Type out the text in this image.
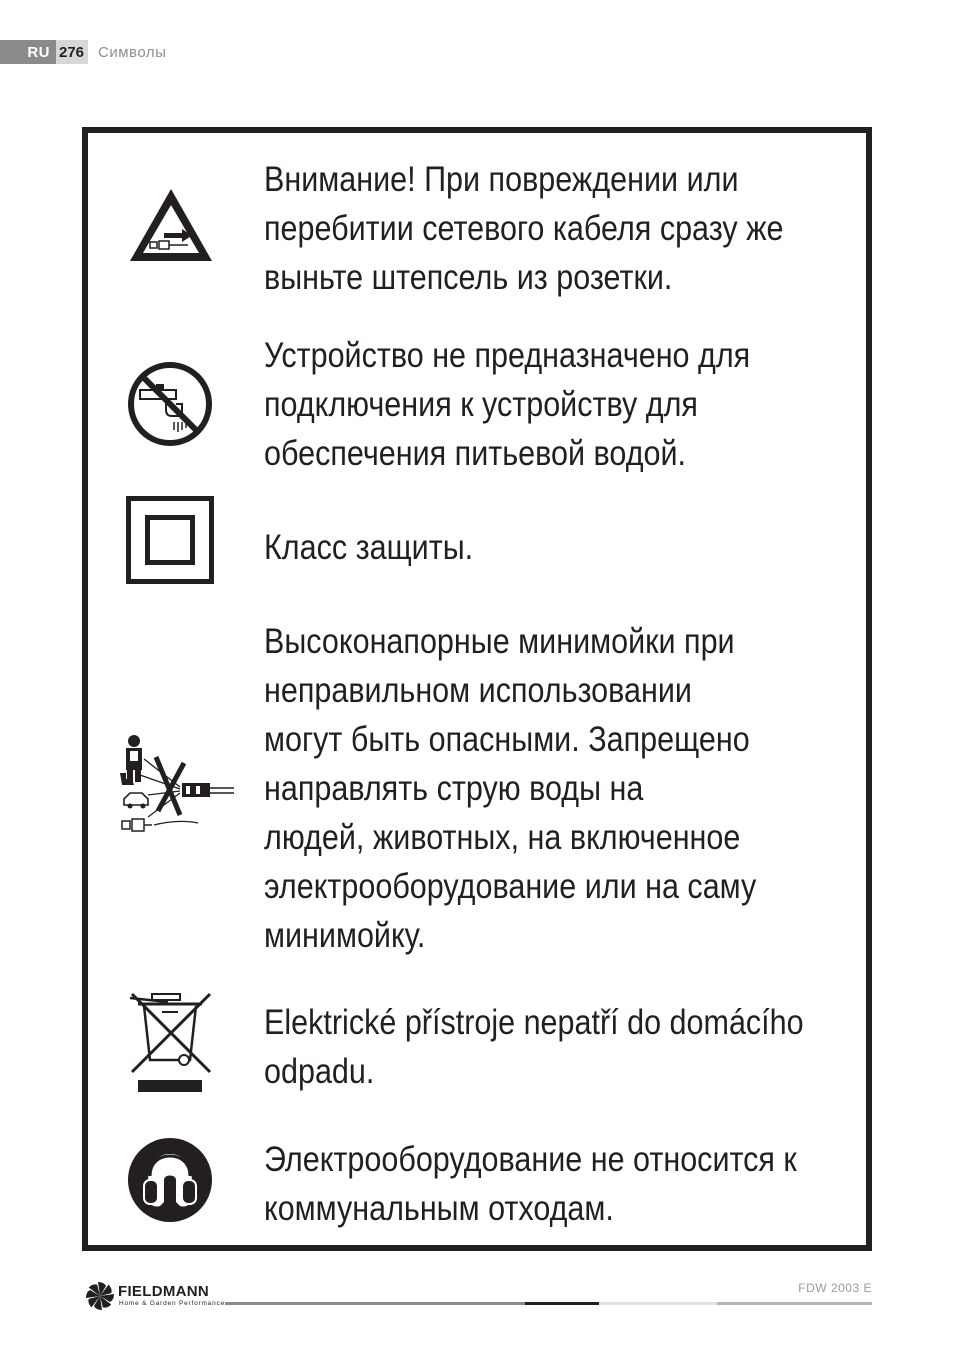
RU 276 Символы
Внимание! При повреждении или
перебитии сетевого кабеля сразу же
выньте штепсель из розетки.
Устройство не предназначено для
подключения к устройству для
обеспечения питьевой водой.
Класс защиты.
Высоконапорные минимойки при
неправильном использовании
могут быть опасными. Запрещено
направлять струю воды на
людей, животных, на включенное
электрооборудование или на саму
минимойку.
Elektrické přístroje nepatří do domácího
odpadu.
Электрооборудование не относится к
коммунальным отходам.
FIELDMANN
Home & Garden Performance
FDW 2003 E
